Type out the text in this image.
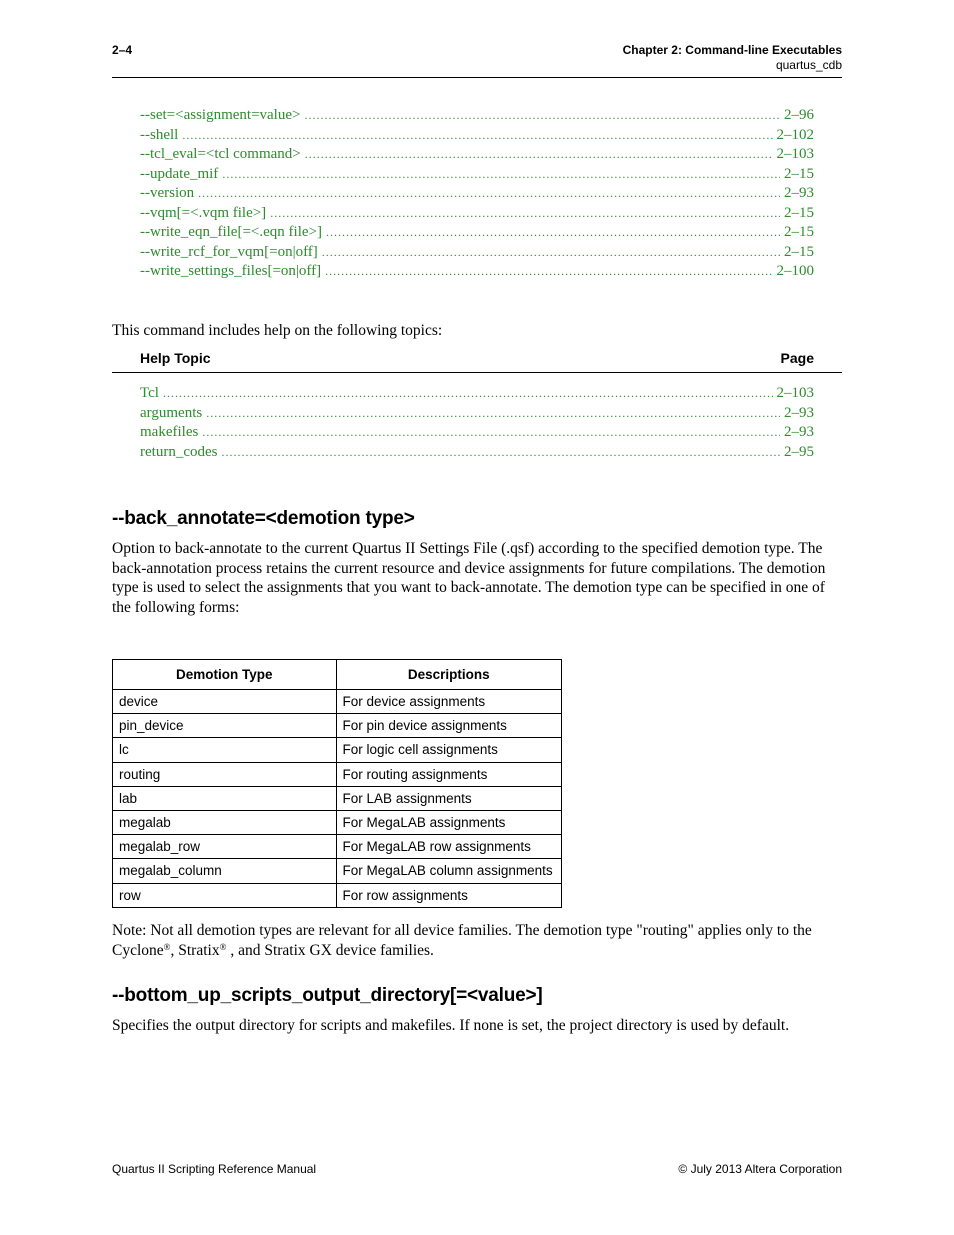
2–4	Chapter 2: Command-line Executables
quartus_cdb
--set=<assignment=value> .....	2–96
--shell .....	2–102
--tcl_eval=<tcl command> .....	2–103
--update_mif .....	2–15
--version .....	2–93
--vqm[=<.vqm file>] .....	2–15
--write_eqn_file[=<.eqn file>] .....	2–15
--write_rcf_for_vqm[=on|off] .....	2–15
--write_settings_files[=on|off] .....	2–100
This command includes help on the following topics:
Help Topic	Page
Tcl .....	2–103
arguments .....	2–93
makefiles .....	2–93
return_codes .....	2–95
--back_annotate=<demotion type>

Option to back-annotate to the current Quartus II Settings File (.qsf) according to the specified demotion type. The back-annotation process retains the current resource and device assignments for future compilations. The demotion type is used to select the assignments that you want to back-annotate. The demotion type can be specified in one of the following forms:

Demotion Type	Descriptions
device	For device assignments
pin_device	For pin device assignments
lc	For logic cell assignments
routing	For routing assignments
lab	For LAB assignments
megalab	For MegaLAB assignments
megalab_row	For MegaLAB row assignments
megalab_column	For MegaLAB column assignments
row	For row assignments

Note: Not all demotion types are relevant for all device families. The demotion type "routing" applies only to the Cyclone®, Stratix® , and Stratix GX device families.

--bottom_up_scripts_output_directory[=<value>]

Specifies the output directory for scripts and makefiles. If none is set, the project directory is used by default.

Quartus II Scripting Reference Manual	© July 2013 Altera Corporation
